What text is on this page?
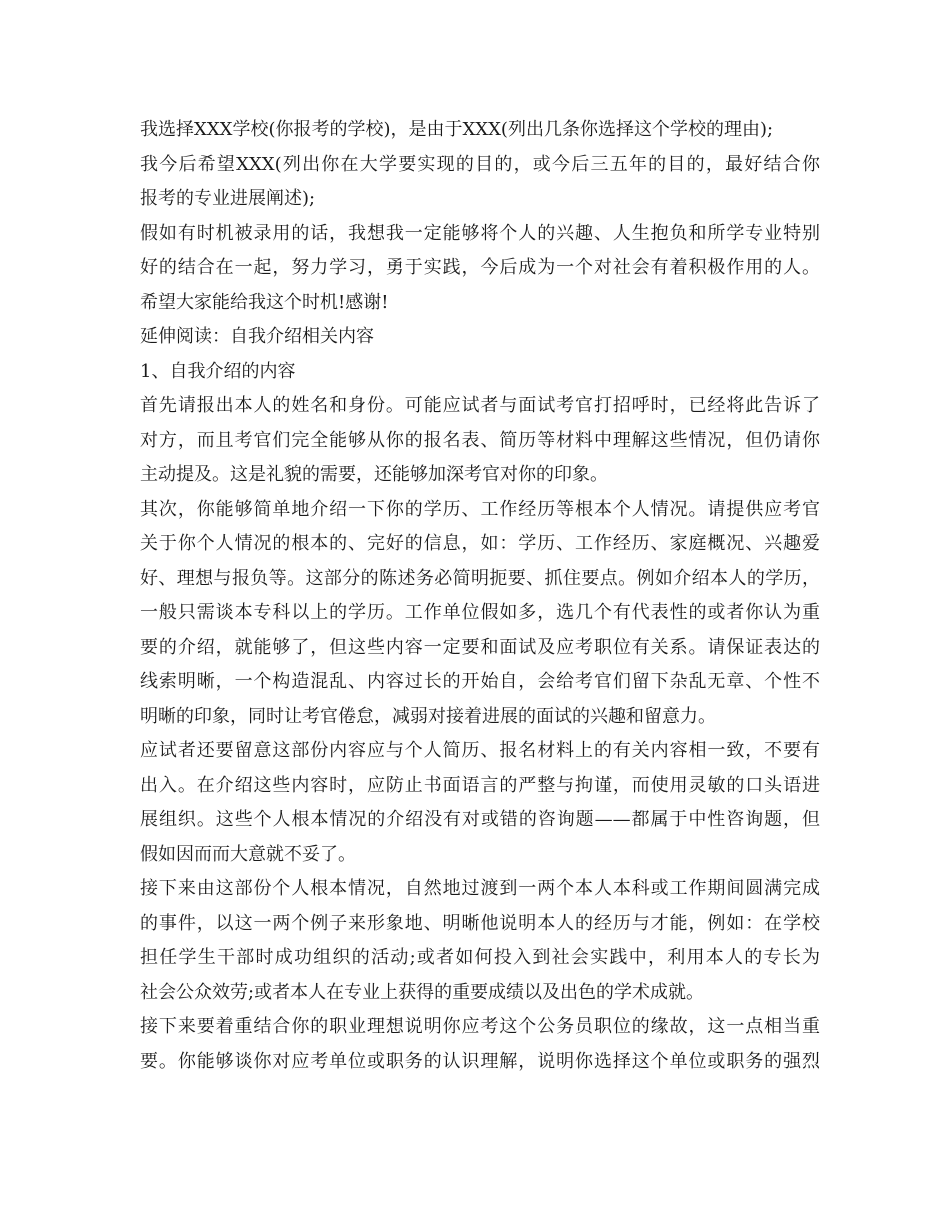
我选择XXX学校(你报考的学校)，是由于XXX(列出几条你选择这个学校的理由);
我今后希望XXX(列出你在大学要实现的目的，或今后三五年的目的，最好结合你
报考的专业进展阐述);
假如有时机被录用的话，我想我一定能够将个人的兴趣、人生抱负和所学专业特别
好的结合在一起，努力学习，勇于实践，今后成为一个对社会有着积极作用的人。
希望大家能给我这个时机!感谢!
延伸阅读：自我介绍相关内容
1、自我介绍的内容
首先请报出本人的姓名和身份。可能应试者与面试考官打招呼时，已经将此告诉了
对方，而且考官们完全能够从你的报名表、简历等材料中理解这些情况，但仍请你
主动提及。这是礼貌的需要，还能够加深考官对你的印象。
其次，你能够简单地介绍一下你的学历、工作经历等根本个人情况。请提供应考官
关于你个人情况的根本的、完好的信息，如：学历、工作经历、家庭概况、兴趣爱
好、理想与报负等。这部分的陈述务必简明扼要、抓住要点。例如介绍本人的学历，
一般只需谈本专科以上的学历。工作单位假如多，选几个有代表性的或者你认为重
要的介绍，就能够了，但这些内容一定要和面试及应考职位有关系。请保证表达的
线索明晰，一个构造混乱、内容过长的开始自，会给考官们留下杂乱无章、个性不
明晰的印象，同时让考官倦怠，减弱对接着进展的面试的兴趣和留意力。
应试者还要留意这部份内容应与个人简历、报名材料上的有关内容相一致，不要有
出入。在介绍这些内容时，应防止书面语言的严整与拘谨，而使用灵敏的口头语进
展组织。这些个人根本情况的介绍没有对或错的咨询题——都属于中性咨询题，但
假如因而而大意就不妥了。
接下来由这部份个人根本情况，自然地过渡到一两个本人本科或工作期间圆满完成
的事件，以这一两个例子来形象地、明晰他说明本人的经历与才能，例如：在学校
担任学生干部时成功组织的活动;或者如何投入到社会实践中，利用本人的专长为
社会公众效劳;或者本人在专业上获得的重要成绩以及出色的学术成就。
接下来要着重结合你的职业理想说明你应考这个公务员职位的缘故，这一点相当重
要。你能够谈你对应考单位或职务的认识理解，说明你选择这个单位或职务的强烈
